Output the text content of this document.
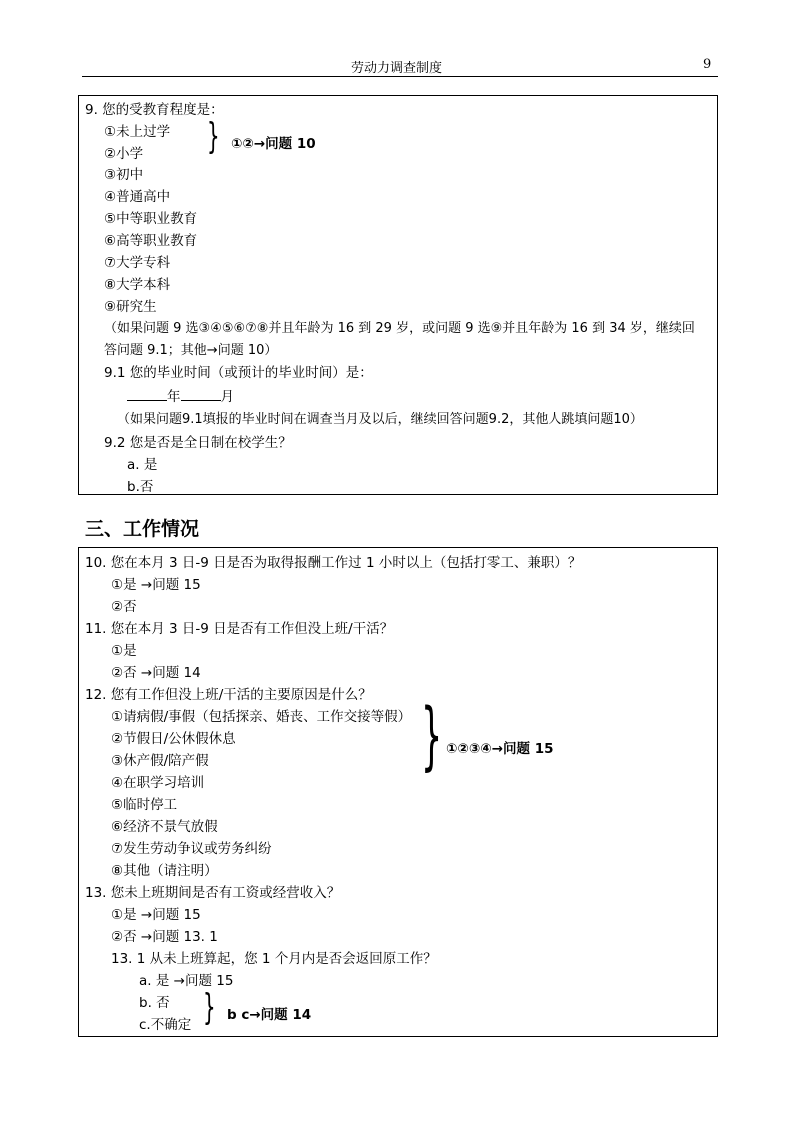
劳动力调查制度	9
9. 您的受教育程度是：
①未上过学
②小学 } ①②→问题 10
③初中
④普通高中
⑤中等职业教育
⑥高等职业教育
⑦大学专科
⑧大学本科
⑨研究生
（如果问题 9 选③④⑤⑥⑦⑧并且年龄为 16 到 29 岁，或问题 9 选⑨并且年龄为 16 到 34 岁，继续回
答问题 9.1；其他→问题 10）
9.1 您的毕业时间（或预计的毕业时间）是：
年	月
（如果问题9.1填报的毕业时间在调查当月及以后，继续回答问题9.2，其他人跳填问题10）
9.2 您是否是全日制在校学生？
a. 是
b.否
三、工作情况
10. 您在本月 3 日-9 日是否为取得报酬工作过 1 小时以上（包括打零工、兼职）？
①是 →问题 15
②否
11. 您在本月 3 日-9 日是否有工作但没上班/干活？
①是
②否 →问题 14
12. 您有工作但没上班/干活的主要原因是什么？
①请病假/事假（包括探亲、婚丧、工作交接等假）
②节假日/公休假休息
③休产假/陪产假
④在职学习培训
} ①②③④→问题 15
⑤临时停工
⑥经济不景气放假
⑦发生劳动争议或劳务纠纷
⑧其他（请注明）
13. 您未上班期间是否有工资或经营收入？
①是 →问题 15
②否 →问题 13. 1
13. 1 从未上班算起，您 1 个月内是否会返回原工作？
a. 是 →问题 15
b. 否
c.不确定 } b c→问题 14
